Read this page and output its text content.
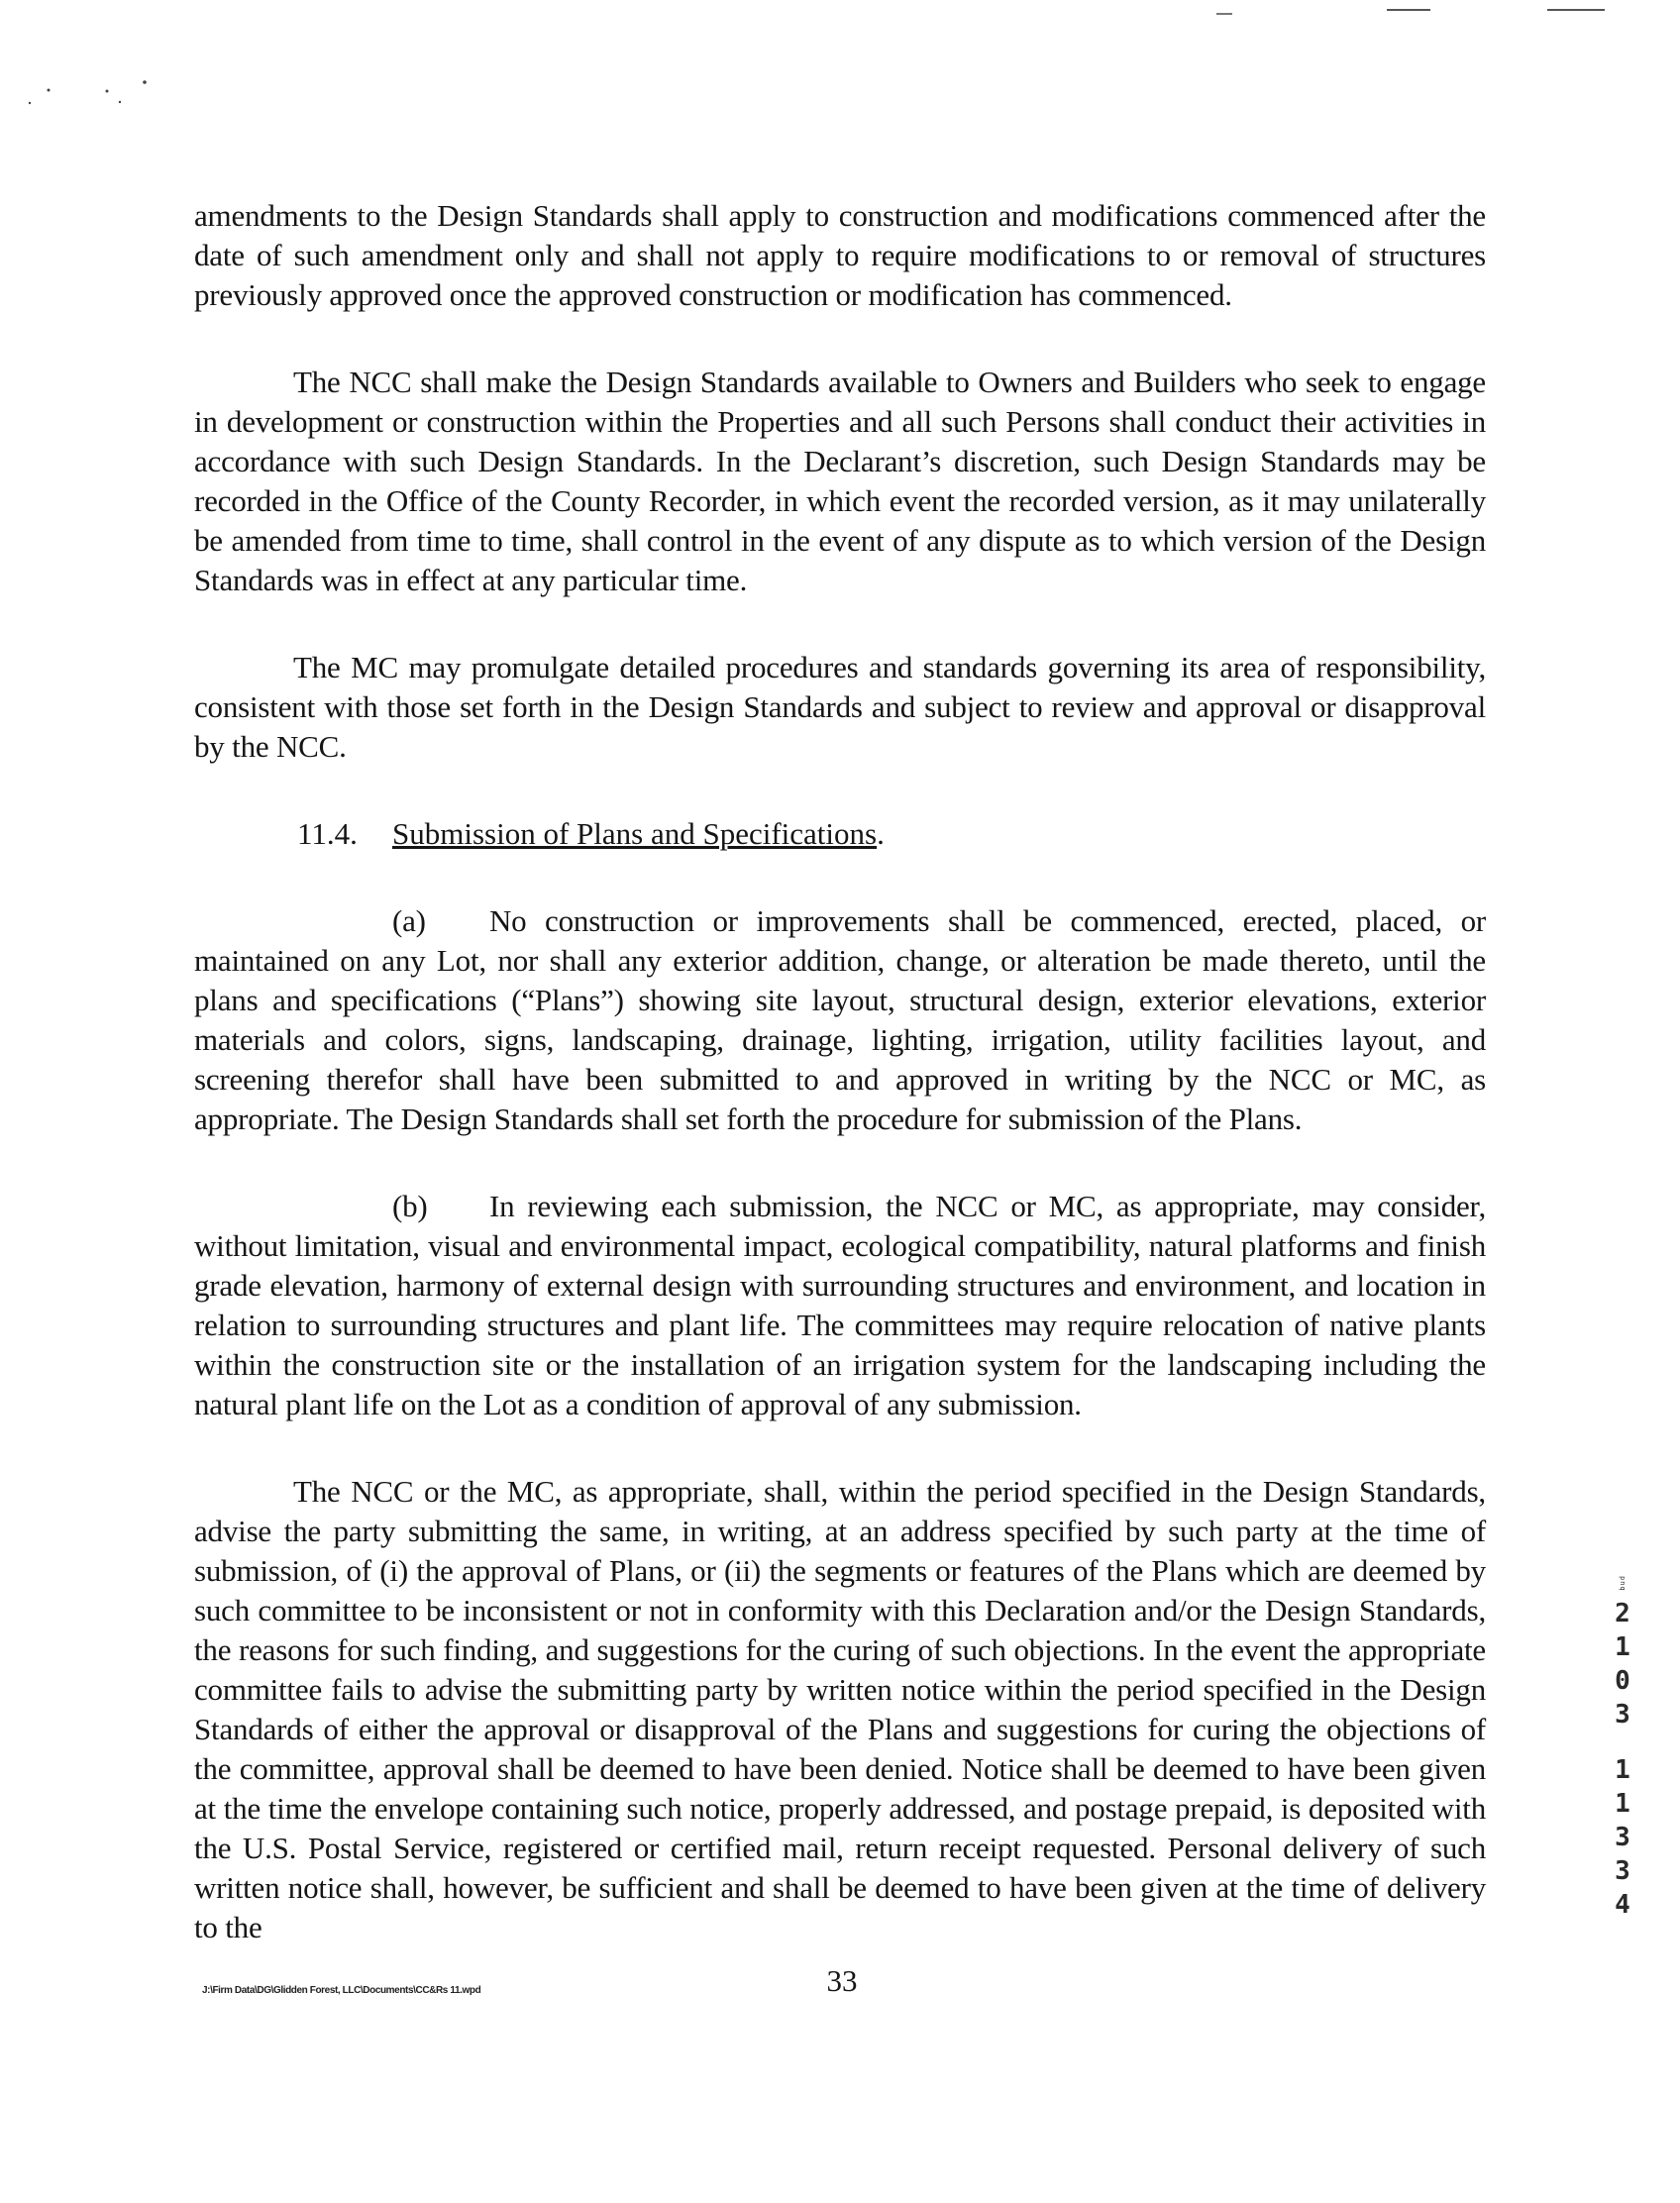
amendments to the Design Standards shall apply to construction and modifications commenced after the date of such amendment only and shall not apply to require modifications to or removal of structures previously approved once the approved construction or modification has commenced.

The NCC shall make the Design Standards available to Owners and Builders who seek to engage in development or construction within the Properties and all such Persons shall conduct their activities in accordance with such Design Standards. In the Declarant’s discretion, such Design Standards may be recorded in the Office of the County Recorder, in which event the recorded version, as it may unilaterally be amended from time to time, shall control in the event of any dispute as to which version of the Design Standards was in effect at any particular time.

The MC may promulgate detailed procedures and standards governing its area of responsibility, consistent with those set forth in the Design Standards and subject to review and approval or disapproval by the NCC.

11.4. Submission of Plans and Specifications.

(a) No construction or improvements shall be commenced, erected, placed, or maintained on any Lot, nor shall any exterior addition, change, or alteration be made thereto, until the plans and specifications (“Plans”) showing site layout, structural design, exterior elevations, exterior materials and colors, signs, landscaping, drainage, lighting, irrigation, utility facilities layout, and screening therefor shall have been submitted to and approved in writing by the NCC or MC, as appropriate. The Design Standards shall set forth the procedure for submission of the Plans.

(b) In reviewing each submission, the NCC or MC, as appropriate, may consider, without limitation, visual and environmental impact, ecological compatibility, natural platforms and finish grade elevation, harmony of external design with surrounding structures and environment, and location in relation to surrounding structures and plant life. The committees may require relocation of native plants within the construction site or the installation of an irrigation system for the landscaping including the natural plant life on the Lot as a condition of approval of any submission.

The NCC or the MC, as appropriate, shall, within the period specified in the Design Standards, advise the party submitting the same, in writing, at an address specified by such party at the time of submission, of (i) the approval of Plans, or (ii) the segments or features of the Plans which are deemed by such committee to be inconsistent or not in conformity with this Declaration and/or the Design Standards, the reasons for such finding, and suggestions for the curing of such objections. In the event the appropriate committee fails to advise the submitting party by written notice within the period specified in the Design Standards of either the approval or disapproval of the Plans and suggestions for curing the objections of the committee, approval shall be deemed to have been denied. Notice shall be deemed to have been given at the time the envelope containing such notice, properly addressed, and postage prepaid, is deposited with the U.S. Postal Service, registered or certified mail, return receipt requested. Personal delivery of such written notice shall, however, be sufficient and shall be deemed to have been given at the time of delivery to the

33
J:\Firm Data\DG\Glidden Forest, LLC\Documents\CC&Rs 11.wpd
bud
2
1
0
3
1
1
3
3
4
